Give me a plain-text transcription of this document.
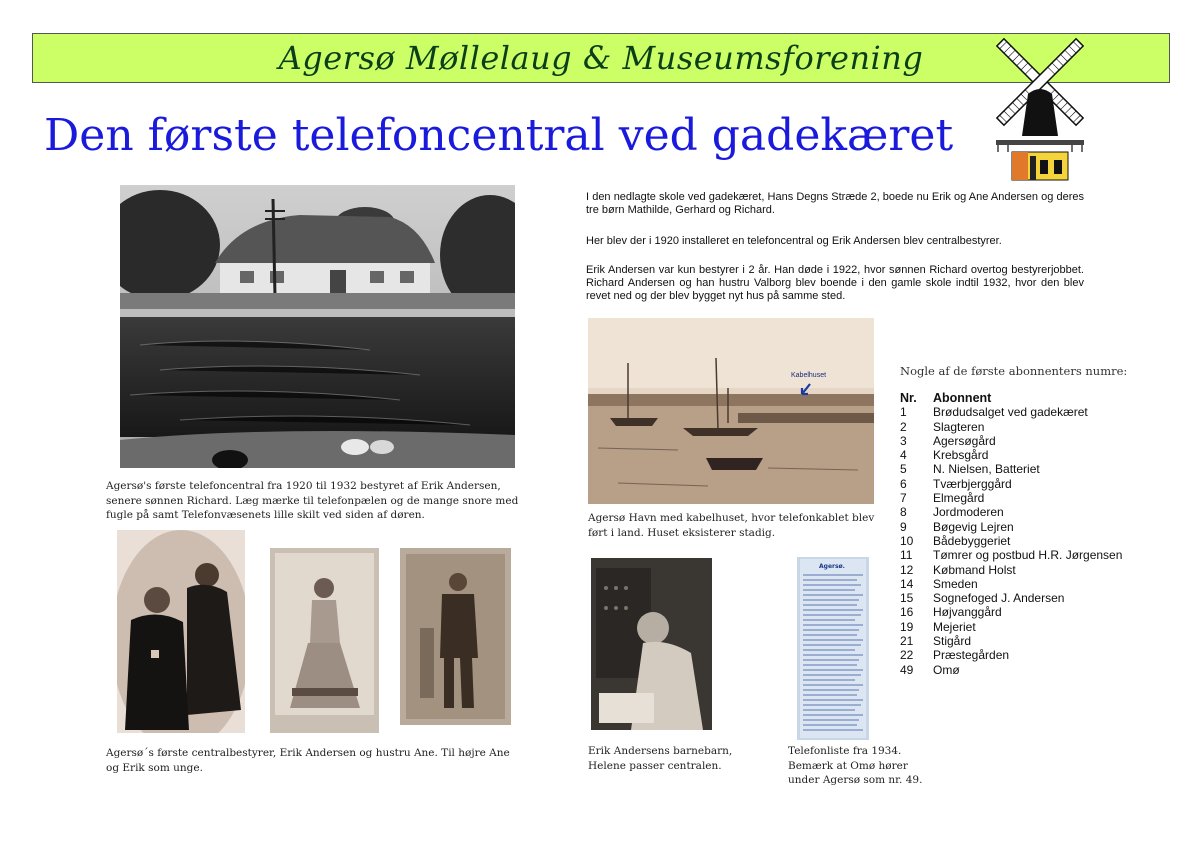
Agersø Møllelaug & Museumsforening
Den første telefoncentral ved gadekæret
Agersø's første telefoncentral fra 1920 til 1932 bestyret af Erik Andersen, senere sønnen Richard. Læg mærke til telefonpælen og de mange snore med fugle på samt Telefonvæsenets lille skilt ved siden af døren.
Agersø´s første centralbestyrer, Erik Andersen og hustru Ane. Til højre Ane og Erik som unge.
I den nedlagte skole ved gadekæret, Hans Degns Stræde 2, boede nu Erik og Ane Andersen og deres tre børn Mathilde, Gerhard og Richard.
Her blev der i 1920 installeret en telefoncentral og Erik Andersen blev centralbestyrer.
Erik Andersen var kun bestyrer i 2 år. Han døde i 1922, hvor sønnen Richard overtog bestyrerjobbet. Richard Andersen og han hustru Valborg blev boende i den gamle skole indtil 1932, hvor den blev revet ned og der blev bygget nyt hus på samme sted.
Kabelhuset
Agersø Havn med kabelhuset, hvor telefonkablet blev ført i land. Huset eksisterer stadig.
Erik Andersens barnebarn, Helene passer centralen.
Agersø.
Telefonliste fra 1934. Bemærk at Omø hører under Agersø som nr. 49.
Nogle af de første abonnenters numre:
Nr.	Abonnent
1	Brødudsalget ved gadekæret
2	Slagteren
3	Agersøgård
4	Krebsgård
5	N. Nielsen, Batteriet
6	Tværbjerggård
7	Elmegård
8	Jordmoderen
9	Bøgevig Lejren
10	Bådebyggeriet
11	Tømrer og postbud H.R. Jørgensen
12	Købmand Holst
14	Smeden
15	Sognefoged J. Andersen
16	Højvanggård
19	Mejeriet
21	Stigård
22	Præstegården
49	Omø
